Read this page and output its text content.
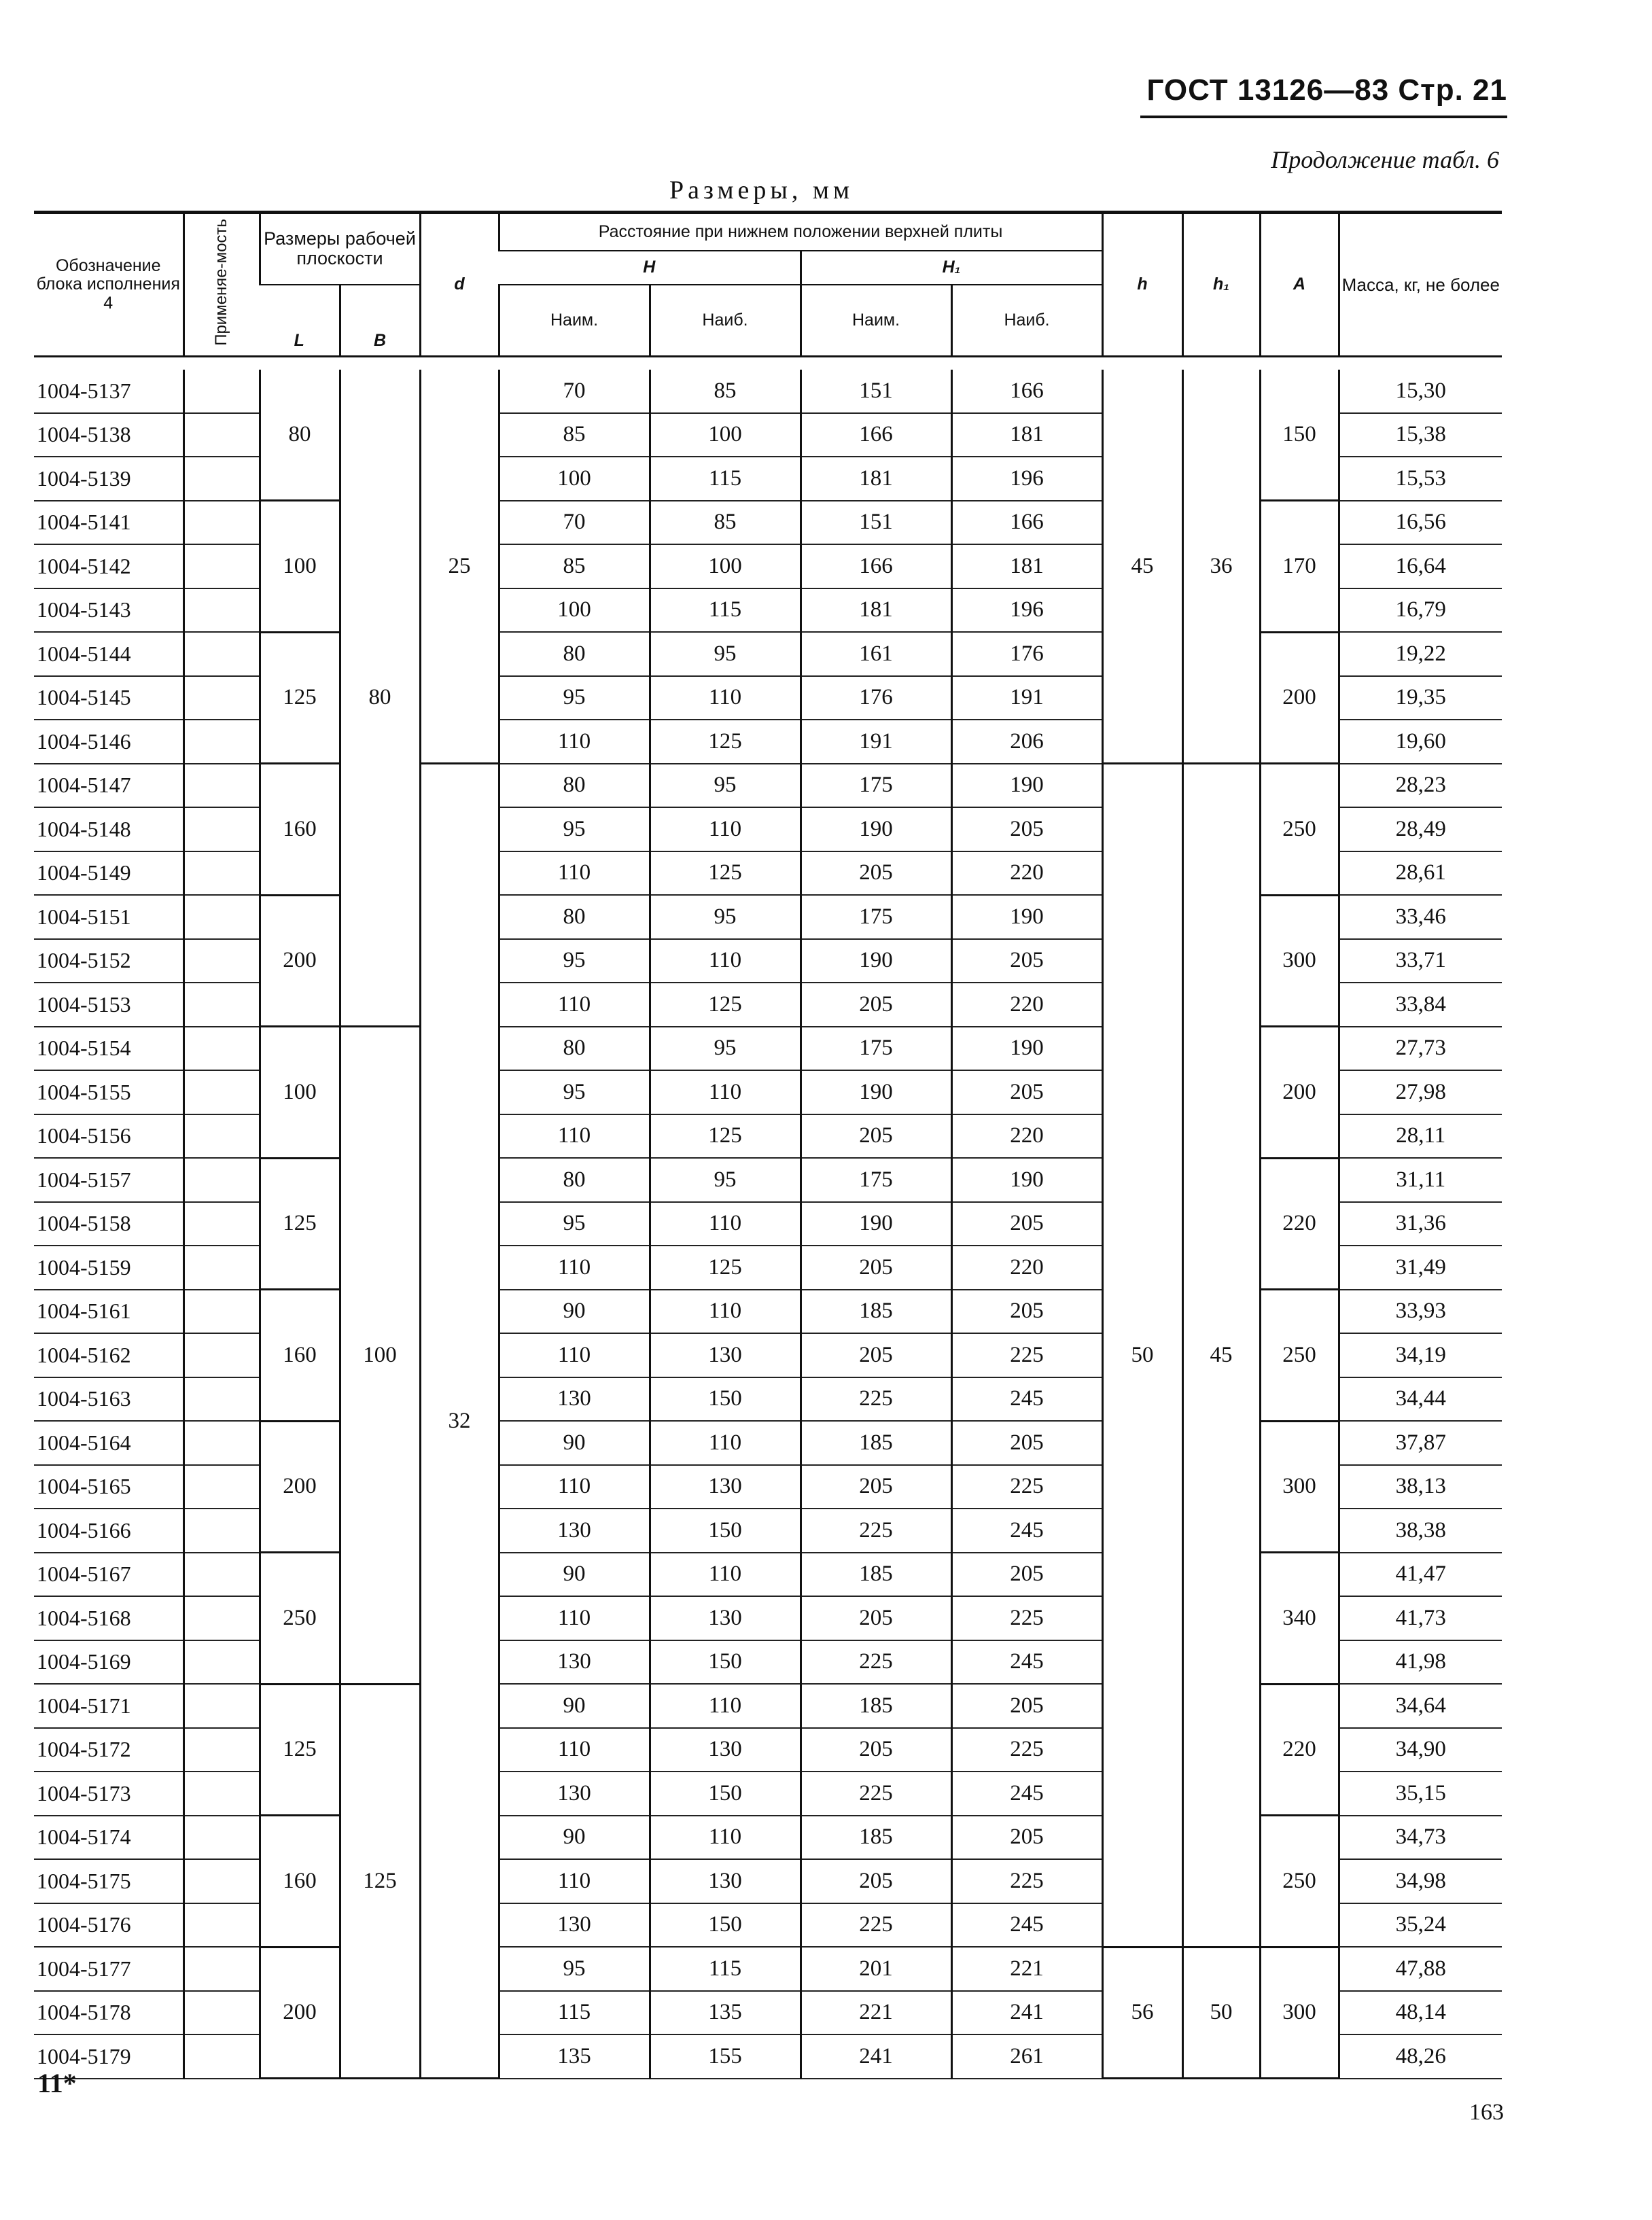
ГОСТ 13126—83 Стр. 21
Продолжение табл. 6
Размеры, мм
Обозначение блока исполнения 4	Применяе-мость	Размеры рабочей плоскости		d	Расстояние при нижнем положении верхней плиты				h	h₁	A	Масса, кг, не более
					H		H₁					
		L	B		Наим.	Наиб.	Наим.	Наиб.				

1004-5137		80	80	25	70	85	151	166	45	36	150	15,30
1004-5138					85	100	166	181				15,38
1004-5139					100	115	181	196				15,53
1004-5141		100			70	85	151	166			170	16,56
1004-5142					85	100	166	181				16,64
1004-5143					100	115	181	196				16,79
1004-5144		125			80	95	161	176			200	19,22
1004-5145					95	110	176	191				19,35
1004-5146					110	125	191	206				19,60
1004-5147		160		32	80	95	175	190	50	45	250	28,23
1004-5148					95	110	190	205				28,49
1004-5149					110	125	205	220				28,61
1004-5151		200			80	95	175	190			300	33,46
1004-5152					95	110	190	205				33,71
1004-5153					110	125	205	220				33,84
1004-5154		100	100		80	95	175	190			200	27,73
1004-5155					95	110	190	205				27,98
1004-5156					110	125	205	220				28,11
1004-5157		125			80	95	175	190			220	31,11
1004-5158					95	110	190	205				31,36
1004-5159					110	125	205	220				31,49
1004-5161		160			90	110	185	205			250	33,93
1004-5162					110	130	205	225				34,19
1004-5163					130	150	225	245				34,44
1004-5164		200			90	110	185	205			300	37,87
1004-5165					110	130	205	225				38,13
1004-5166					130	150	225	245				38,38
1004-5167		250			90	110	185	205			340	41,47
1004-5168					110	130	205	225				41,73
1004-5169					130	150	225	245				41,98
1004-5171		125	125		90	110	185	205			220	34,64
1004-5172					110	130	205	225				34,90
1004-5173					130	150	225	245				35,15
1004-5174		160			90	110	185	205			250	34,73
1004-5175					110	130	205	225				34,98
1004-5176					130	150	225	245				35,24
1004-5177		200			95	115	201	221	56	50	300	47,88
1004-5178					115	135	221	241				48,14
1004-5179					135	155	241	261				48,26
11*
163
